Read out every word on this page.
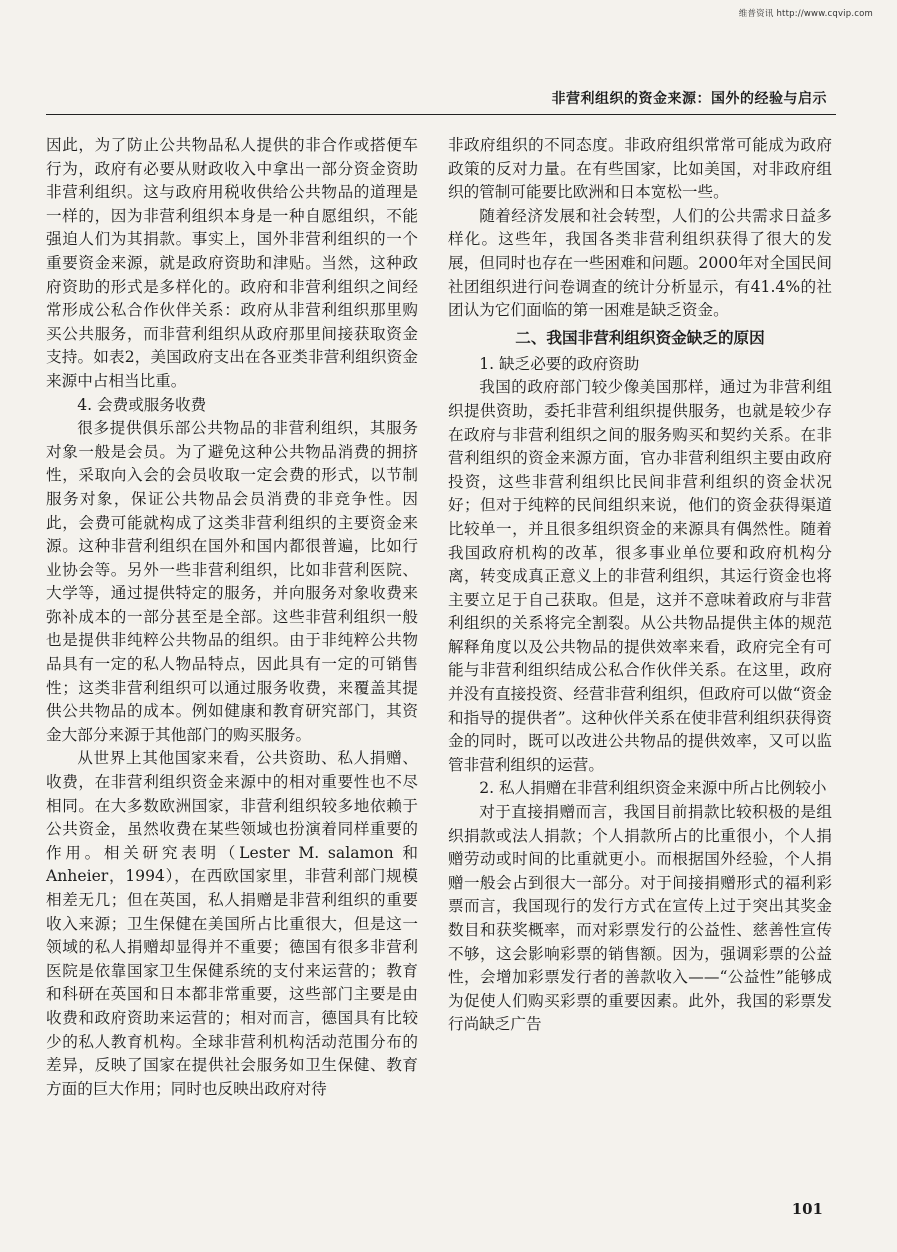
维普资讯 http://www.cqvip.com
非营利组织的资金来源：国外的经验与启示

因此，为了防止公共物品私人提供的非合作或搭便车行为，政府有必要从财政收入中拿出一部分资金资助非营利组织。这与政府用税收供给公共物品的道理是一样的，因为非营利组织本身是一种自愿组织，不能强迫人们为其捐款。事实上，国外非营利组织的一个重要资金来源，就是政府资助和津贴。当然，这种政府资助的形式是多样化的。政府和非营利组织之间经常形成公私合作伙伴关系：政府从非营利组织那里购买公共服务，而非营利组织从政府那里间接获取资金支持。如表2，美国政府支出在各亚类非营利组织资金来源中占相当比重。

4. 会费或服务收费

很多提供俱乐部公共物品的非营利组织，其服务对象一般是会员。为了避免这种公共物品消费的拥挤性，采取向入会的会员收取一定会费的形式，以节制服务对象，保证公共物品会员消费的非竞争性。因此，会费可能就构成了这类非营利组织的主要资金来源。这种非营利组织在国外和国内都很普遍，比如行业协会等。另外一些非营利组织，比如非营利医院、大学等，通过提供特定的服务，并向服务对象收费来弥补成本的一部分甚至是全部。这些非营利组织一般也是提供非纯粹公共物品的组织。由于非纯粹公共物品具有一定的私人物品特点，因此具有一定的可销售性；这类非营利组织可以通过服务收费，来覆盖其提供公共物品的成本。例如健康和教育研究部门，其资金大部分来源于其他部门的购买服务。

从世界上其他国家来看，公共资助、私人捐赠、收费，在非营利组织资金来源中的相对重要性也不尽相同。在大多数欧洲国家，非营利组织较多地依赖于公共资金，虽然收费在某些领域也扮演着同样重要的作用。相关研究表明（Lester M. salamon 和 Anheier，1994），在西欧国家里，非营利部门规模相差无几；但在英国，私人捐赠是非营利组织的重要收入来源；卫生保健在美国所占比重很大，但是这一领域的私人捐赠却显得并不重要；德国有很多非营利医院是依靠国家卫生保健系统的支付来运营的；教育和科研在英国和日本都非常重要，这些部门主要是由收费和政府资助来运营的；相对而言，德国具有比较少的私人教育机构。全球非营利机构活动范围分布的差异，反映了国家在提供社会服务如卫生保健、教育方面的巨大作用；同时也反映出政府对待

非政府组织的不同态度。非政府组织常常可能成为政府政策的反对力量。在有些国家，比如美国，对非政府组织的管制可能要比欧洲和日本宽松一些。

随着经济发展和社会转型，人们的公共需求日益多样化。这些年，我国各类非营利组织获得了很大的发展，但同时也存在一些困难和问题。2000年对全国民间社团组织进行问卷调查的统计分析显示，有41.4%的社团认为它们面临的第一困难是缺乏资金。

二、我国非营利组织资金缺乏的原因
1. 缺乏必要的政府资助

我国的政府部门较少像美国那样，通过为非营利组织提供资助，委托非营利组织提供服务，也就是较少存在政府与非营利组织之间的服务购买和契约关系。在非营利组织的资金来源方面，官办非营利组织主要由政府投资，这些非营利组织比民间非营利组织的资金状况好；但对于纯粹的民间组织来说，他们的资金获得渠道比较单一，并且很多组织资金的来源具有偶然性。随着我国政府机构的改革，很多事业单位要和政府机构分离，转变成真正意义上的非营利组织，其运行资金也将主要立足于自己获取。但是，这并不意味着政府与非营利组织的关系将完全割裂。从公共物品提供主体的规范解释角度以及公共物品的提供效率来看，政府完全有可能与非营利组织结成公私合作伙伴关系。在这里，政府并没有直接投资、经营非营利组织，但政府可以做“资金和指导的提供者”。这种伙伴关系在使非营利组织获得资金的同时，既可以改进公共物品的提供效率，又可以监管非营利组织的运营。

2. 私人捐赠在非营利组织资金来源中所占比例较小

对于直接捐赠而言，我国目前捐款比较积极的是组织捐款或法人捐款；个人捐款所占的比重很小，个人捐赠劳动或时间的比重就更小。而根据国外经验，个人捐赠一般会占到很大一部分。对于间接捐赠形式的福利彩票而言，我国现行的发行方式在宣传上过于突出其奖金数目和获奖概率，而对彩票发行的公益性、慈善性宣传不够，这会影响彩票的销售额。因为，强调彩票的公益性，会增加彩票发行者的善款收入——“公益性”能够成为促使人们购买彩票的重要因素。此外，我国的彩票发行尚缺乏广告

101
